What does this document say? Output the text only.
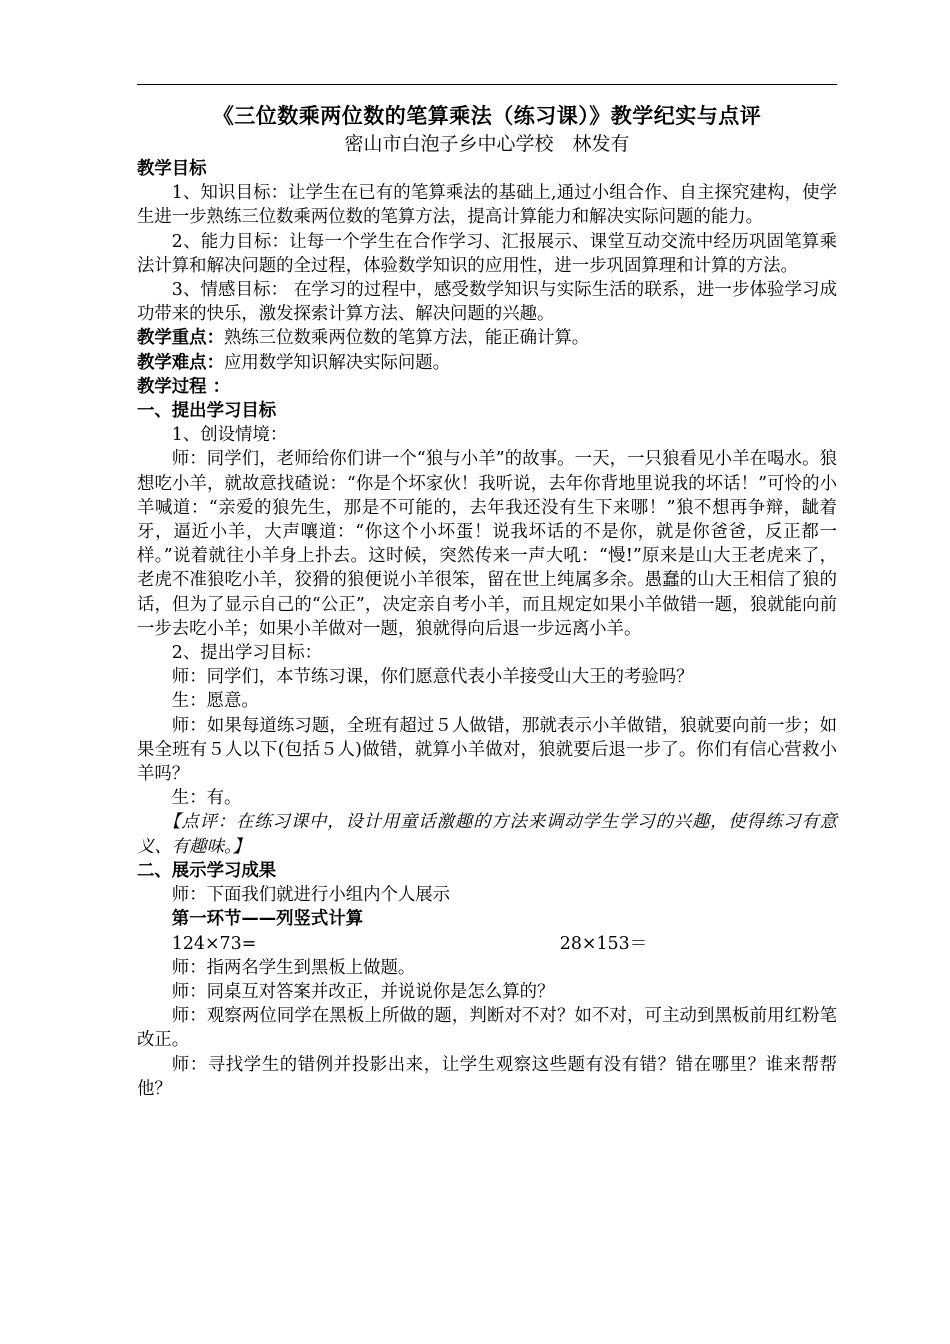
《三位数乘两位数的笔算乘法（练习课）》教学纪实与点评
密山市白泡子乡中心学校　林发有

教学目标

1、知识目标：让学生在已有的笔算乘法的基础上,通过小组合作、自主探究建构，使学生进一步熟练三位数乘两位数的笔算方法，提高计算能力和解决实际问题的能力。

2、能力目标：让每一个学生在合作学习、汇报展示、课堂互动交流中经历巩固笔算乘法计算和解决问题的全过程，体验数学知识的应用性，进一步巩固算理和计算的方法。

3、情感目标： 在学习的过程中，感受数学知识与实际生活的联系，进一步体验学习成功带来的快乐，激发探索计算方法、解决问题的兴趣。

教学重点：熟练三位数乘两位数的笔算方法，能正确计算。

教学难点：应用数学知识解决实际问题。

教学过程 ：

一、提出学习目标

1、创设情境：

师：同学们，老师给你们讲一个“狼与小羊”的故事。一天，一只狼看见小羊在喝水。狼想吃小羊，就故意找碴说：“你是个坏家伙！我听说，去年你背地里说我的坏话！”可怜的小羊喊道：“亲爱的狼先生，那是不可能的，去年我还没有生下来哪！”狼不想再争辩，龇着牙，逼近小羊，大声嚷道：“你这个小坏蛋！说我坏话的不是你，就是你爸爸，反正都一样。”说着就往小羊身上扑去。这时候，突然传来一声大吼：“慢!”原来是山大王老虎来了，老虎不准狼吃小羊，狡猾的狼便说小羊很笨，留在世上纯属多余。愚蠢的山大王相信了狼的话，但为了显示自己的“公正”，决定亲自考小羊，而且规定如果小羊做错一题，狼就能向前一步去吃小羊；如果小羊做对一题，狼就得向后退一步远离小羊。

2、提出学习目标：

师：同学们，本节练习课，你们愿意代表小羊接受山大王的考验吗？

生：愿意。

师：如果每道练习题，全班有超过５人做错，那就表示小羊做错，狼就要向前一步；如果全班有５人以下(包括５人)做错，就算小羊做对，狼就要后退一步了。你们有信心营救小羊吗？

生：有。

【点评：在练习课中，设计用童话激趣的方法来调动学生学习的兴趣，使得练习有意义、有趣味。】

二、展示学习成果

师：下面我们就进行小组内个人展示

第一环节——列竖式计算

124×73=	28×153＝

师：指两名学生到黑板上做题。

师：同桌互对答案并改正，并说说你是怎么算的？

师：观察两位同学在黑板上所做的题，判断对不对？如不对，可主动到黑板前用红粉笔改正。

师：寻找学生的错例并投影出来，让学生观察这些题有没有错？错在哪里？谁来帮帮他？
